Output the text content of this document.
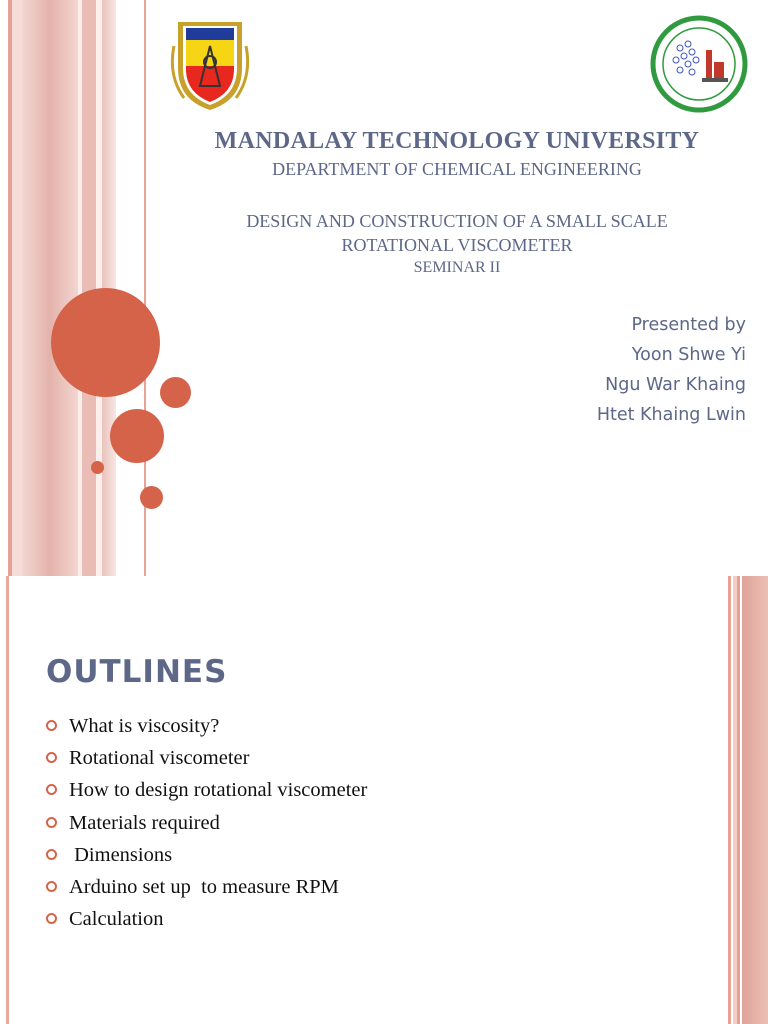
MANDALAY TECHNOLOGY UNIVERSITY
DEPARTMENT OF CHEMICAL ENGINEERING
DESIGN AND CONSTRUCTION OF A SMALL SCALE
ROTATIONAL VISCOMETER
SEMINAR II
Presented by
Yoon Shwe Yi
Ngu War Khaing
Htet Khaing Lwin
OUTLINES
What is viscosity?
Rotational viscometer
How to design rotational viscometer
Materials required
Dimensions
Arduino set up  to measure RPM
Calculation
